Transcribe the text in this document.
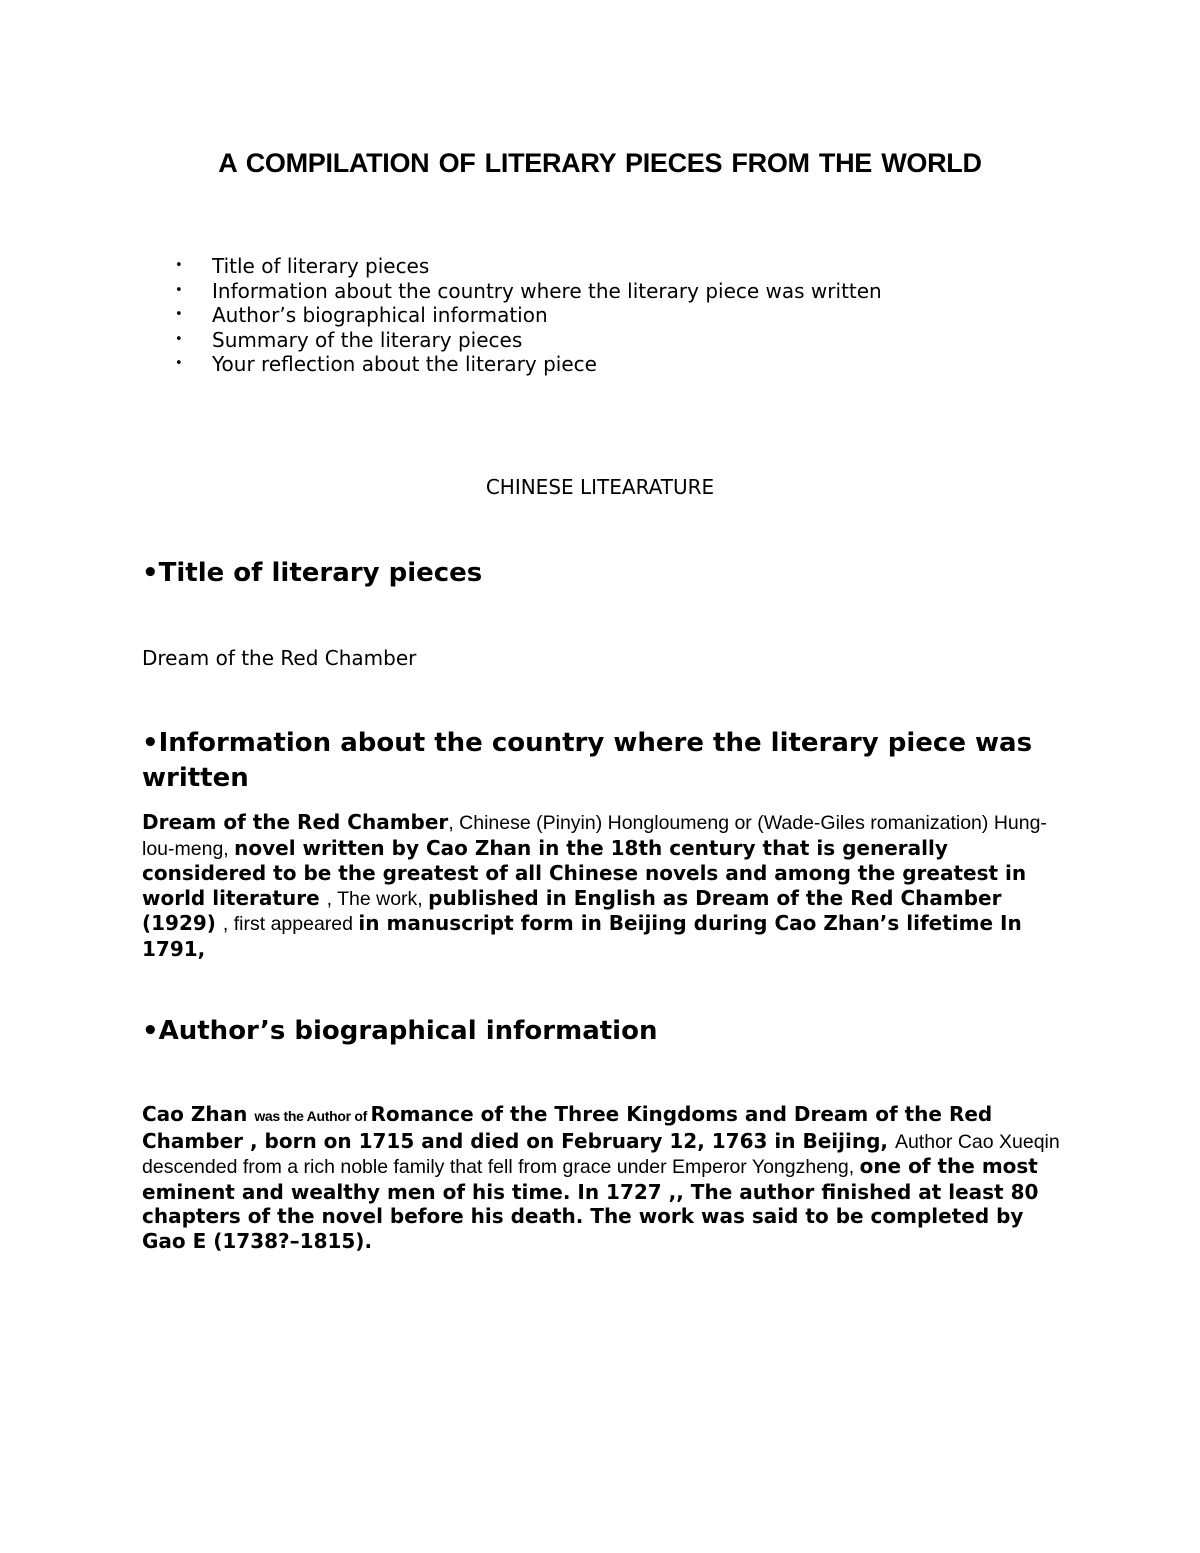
A COMPILATION OF LITERARY PIECES FROM THE WORLD
• Title of literary pieces
• Information about the country where the literary piece was written
• Author’s biographical information
• Summary of the literary pieces
• Your reflection about the literary piece

CHINESE LITEARATURE

•Title of literary pieces

Dream of the Red Chamber

•Information about the country where the literary piece was written

Dream of the Red Chamber, Chinese (Pinyin) Hongloumeng or (Wade-Giles romanization) Hung-lou-meng, novel written by Cao Zhan in the 18th century that is generally considered to be the greatest of all Chinese novels and among the greatest in world literature , The work, published in English as Dream of the Red Chamber (1929) , first appeared in manuscript form in Beijing during Cao Zhan’s lifetime In 1791,

•Author’s biographical information

Cao Zhan was the Author of Romance of the Three Kingdoms and Dream of the Red Chamber , born on 1715 and died on February 12, 1763 in Beijing, Author Cao Xueqin descended from a rich noble family that fell from grace under Emperor Yongzheng, one of the most eminent and wealthy men of his time. In 1727 ,, The author finished at least 80 chapters of the novel before his death. The work was said to be completed by Gao E (1738?–1815).
